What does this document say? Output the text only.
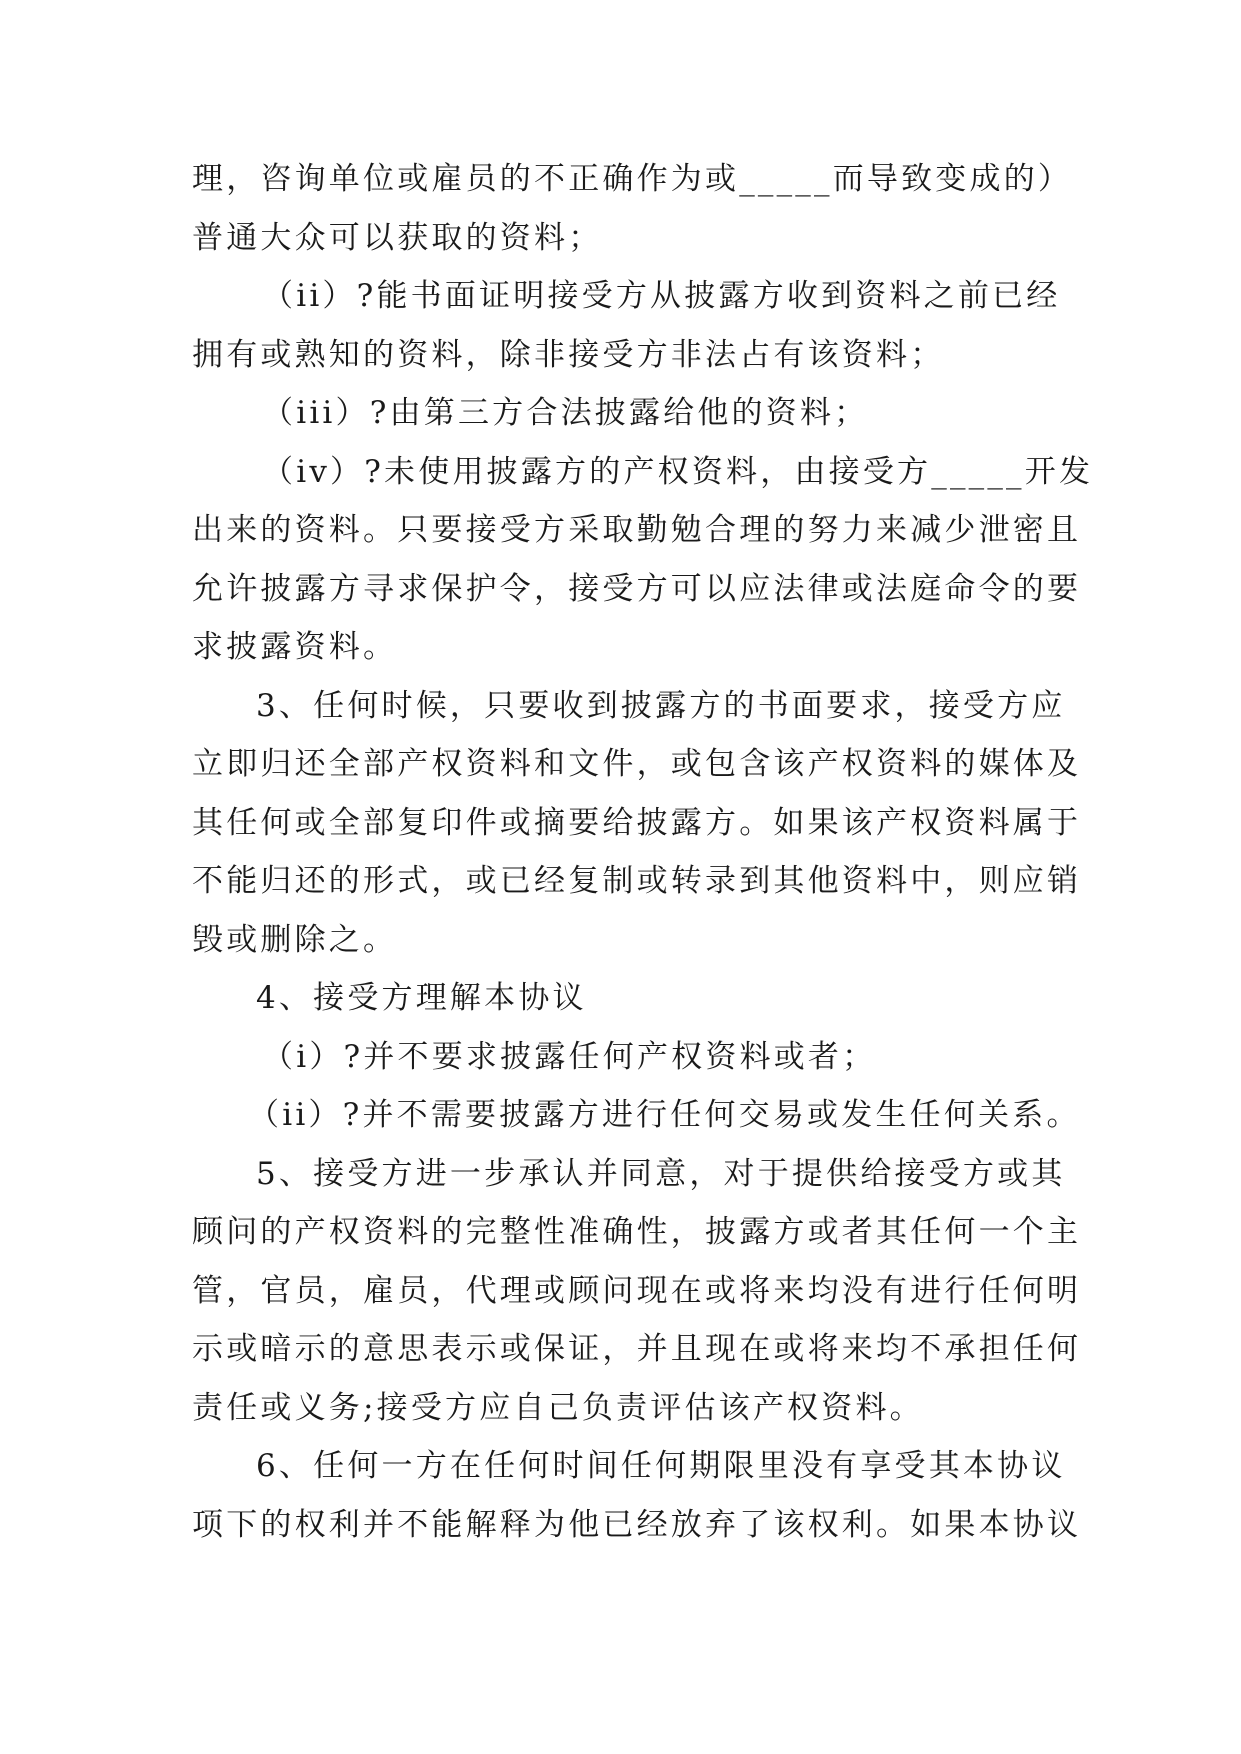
理，咨询单位或雇员的不正确作为或_____而导致变成的）
普通大众可以获取的资料；
（ii）?能书面证明接受方从披露方收到资料之前已经
拥有或熟知的资料，除非接受方非法占有该资料；
（iii）?由第三方合法披露给他的资料；
（iv）?未使用披露方的产权资料，由接受方_____开发
出来的资料。只要接受方采取勤勉合理的努力来减少泄密且
允许披露方寻求保护令，接受方可以应法律或法庭命令的要
求披露资料。
3、任何时候，只要收到披露方的书面要求，接受方应
立即归还全部产权资料和文件，或包含该产权资料的媒体及
其任何或全部复印件或摘要给披露方。如果该产权资料属于
不能归还的形式，或已经复制或转录到其他资料中，则应销
毁或删除之。
4、接受方理解本协议
（i）?并不要求披露任何产权资料或者；
（ii）?并不需要披露方进行任何交易或发生任何关系。
5、接受方进一步承认并同意，对于提供给接受方或其
顾问的产权资料的完整性准确性，披露方或者其任何一个主
管，官员，雇员，代理或顾问现在或将来均没有进行任何明
示或暗示的意思表示或保证，并且现在或将来均不承担任何
责任或义务;接受方应自己负责评估该产权资料。
6、任何一方在任何时间任何期限里没有享受其本协议
项下的权利并不能解释为他已经放弃了该权利。如果本协议
